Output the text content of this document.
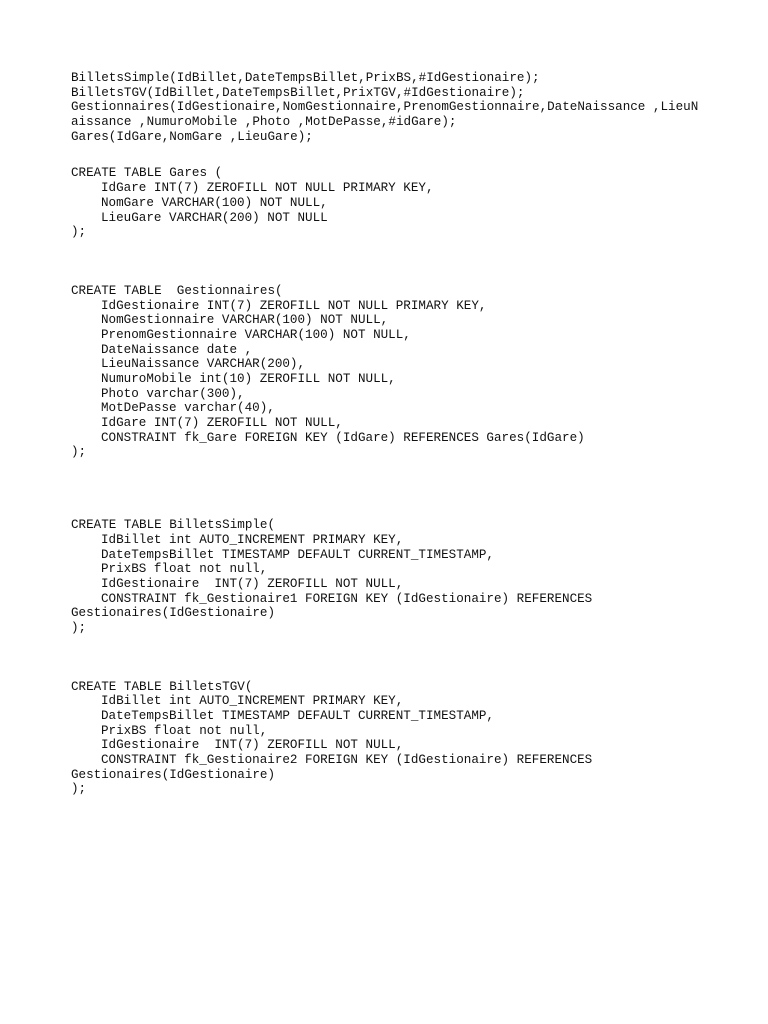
BilletsSimple(IdBillet,DateTempsBillet,PrixBS,#IdGestionaire);
BilletsTGV(IdBillet,DateTempsBillet,PrixTGV,#IdGestionaire);
Gestionnaires(IdGestionaire,NomGestionnaire,PrenomGestionnaire,DateNaissance ,LieuN
aissance ,NumuroMobile ,Photo ,MotDePasse,#idGare);
Gares(IdGare,NomGare ,LieuGare);
CREATE TABLE Gares (
IdGare INT(7) ZEROFILL NOT NULL PRIMARY KEY,
NomGare VARCHAR(100) NOT NULL,
LieuGare VARCHAR(200) NOT NULL
);
CREATE TABLE  Gestionnaires(
IdGestionaire INT(7) ZEROFILL NOT NULL PRIMARY KEY,
NomGestionnaire VARCHAR(100) NOT NULL,
PrenomGestionnaire VARCHAR(100) NOT NULL,
DateNaissance date ,
LieuNaissance VARCHAR(200),
NumuroMobile int(10) ZEROFILL NOT NULL,
Photo varchar(300),
MotDePasse varchar(40),
IdGare INT(7) ZEROFILL NOT NULL,
CONSTRAINT fk_Gare FOREIGN KEY (IdGare) REFERENCES Gares(IdGare)
);
CREATE TABLE BilletsSimple(
IdBillet int AUTO_INCREMENT PRIMARY KEY,
DateTempsBillet TIMESTAMP DEFAULT CURRENT_TIMESTAMP,
PrixBS float not null,
IdGestionaire  INT(7) ZEROFILL NOT NULL,
CONSTRAINT fk_Gestionaire1 FOREIGN KEY (IdGestionaire) REFERENCES
Gestionaires(IdGestionaire)
);
CREATE TABLE BilletsTGV(
IdBillet int AUTO_INCREMENT PRIMARY KEY,
DateTempsBillet TIMESTAMP DEFAULT CURRENT_TIMESTAMP,
PrixBS float not null,
IdGestionaire  INT(7) ZEROFILL NOT NULL,
CONSTRAINT fk_Gestionaire2 FOREIGN KEY (IdGestionaire) REFERENCES
Gestionaires(IdGestionaire)
);
